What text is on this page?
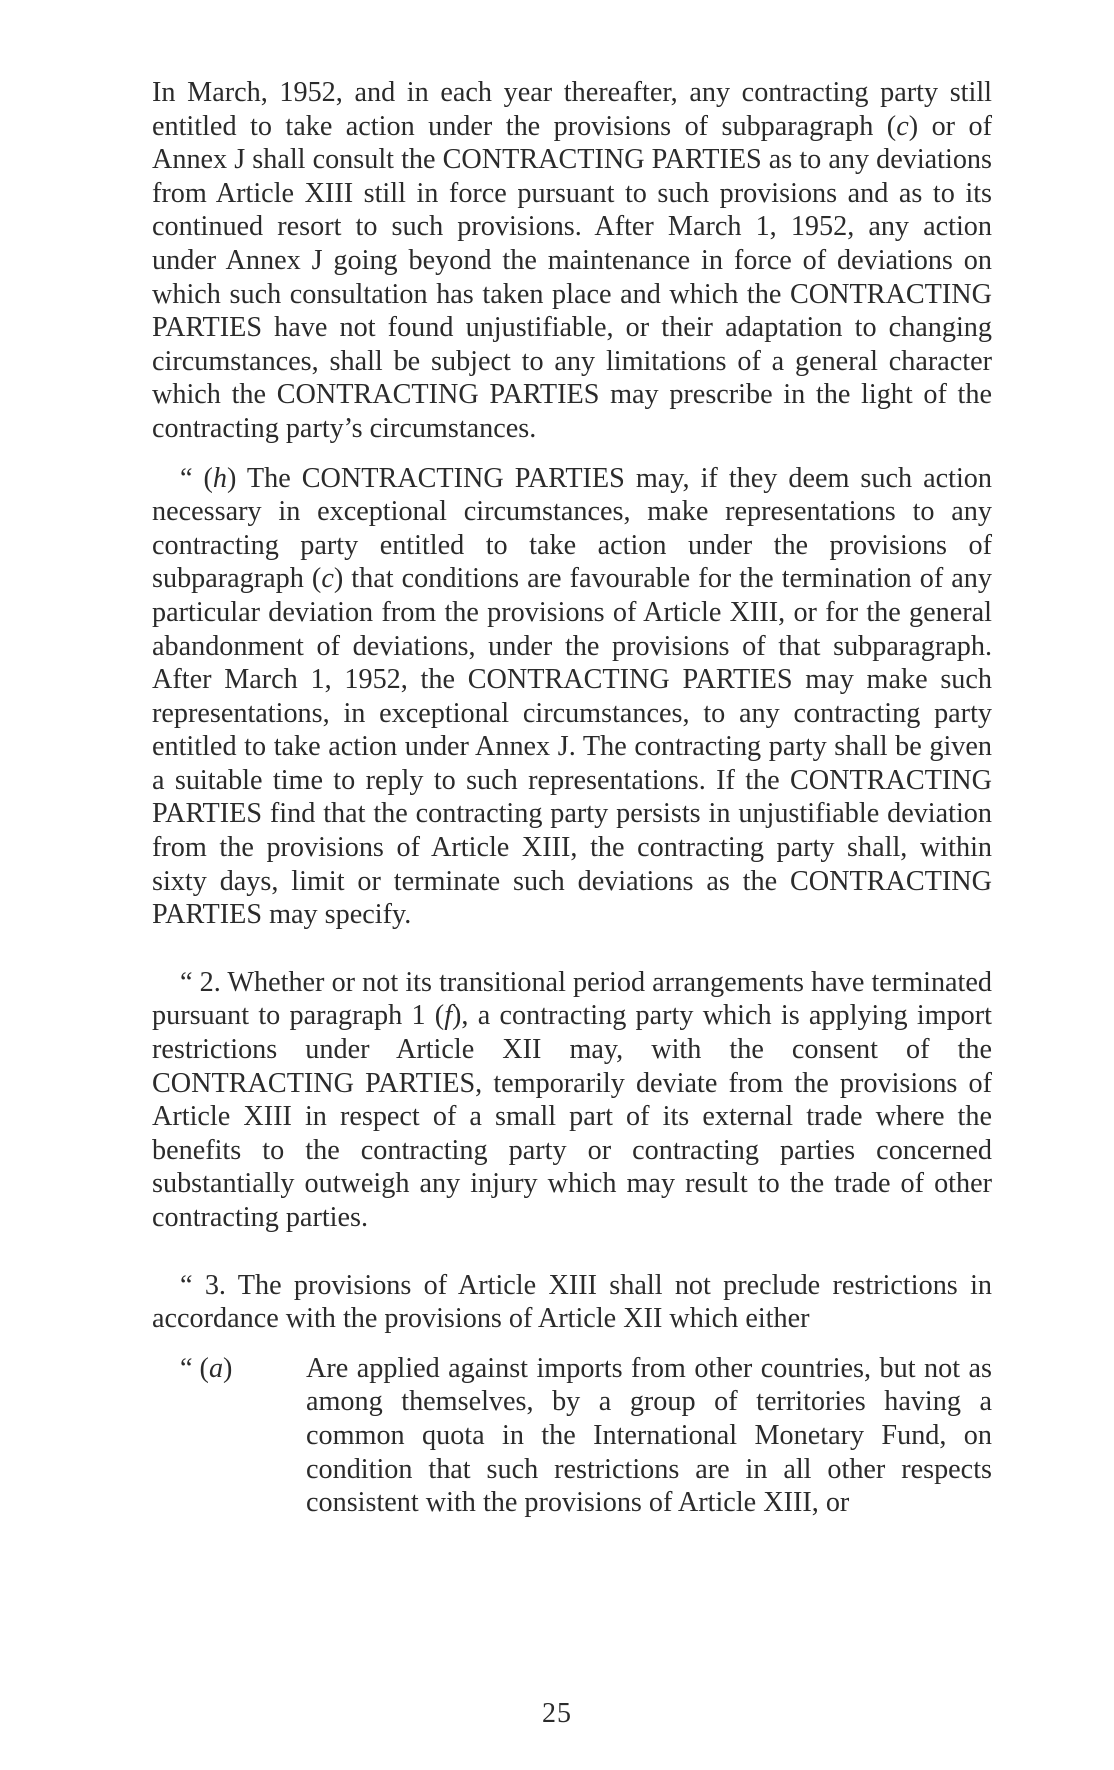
In March, 1952, and in each year thereafter, any contracting party still entitled to take action under the provisions of subparagraph (c) or of Annex J shall consult the CONTRACTING PARTIES as to any deviations from Article XIII still in force pursuant to such provisions and as to its continued resort to such provisions. After March 1, 1952, any action under Annex J going beyond the maintenance in force of deviations on which such consultation has taken place and which the CONTRACTING PARTIES have not found unjustifiable, or their adaptation to changing circumstances, shall be subject to any limitations of a general character which the CONTRACTING PARTIES may prescribe in the light of the contracting party’s circumstances.

“ (h) The CONTRACTING PARTIES may, if they deem such action necessary in exceptional circumstances, make representations to any contracting party entitled to take action under the provisions of subparagraph (c) that conditions are favourable for the termination of any particular deviation from the provisions of Article XIII, or for the general abandonment of deviations, under the provisions of that subparagraph. After March 1, 1952, the CONTRACTING PARTIES may make such representations, in exceptional circumstances, to any contracting party entitled to take action under Annex J. The contracting party shall be given a suitable time to reply to such representations. If the CONTRACTING PARTIES find that the contracting party persists in unjustifiable deviation from the provisions of Article XIII, the contracting party shall, within sixty days, limit or terminate such deviations as the CONTRACTING PARTIES may specify.

“ 2. Whether or not its transitional period arrangements have terminated pursuant to paragraph 1 (f), a contracting party which is applying import restrictions under Article XII may, with the consent of the CONTRACTING PARTIES, temporarily deviate from the provisions of Article XIII in respect of a small part of its external trade where the benefits to the contracting party or contracting parties concerned substantially outweigh any injury which may result to the trade of other contracting parties.

“ 3. The provisions of Article XIII shall not preclude restrictions in accordance with the provisions of Article XII which either

“ (a)	Are applied against imports from other countries, but not as among themselves, by a group of territories having a common quota in the International Monetary Fund, on condition that such restrictions are in all other respects consistent with the provisions of Article XIII, or
25
